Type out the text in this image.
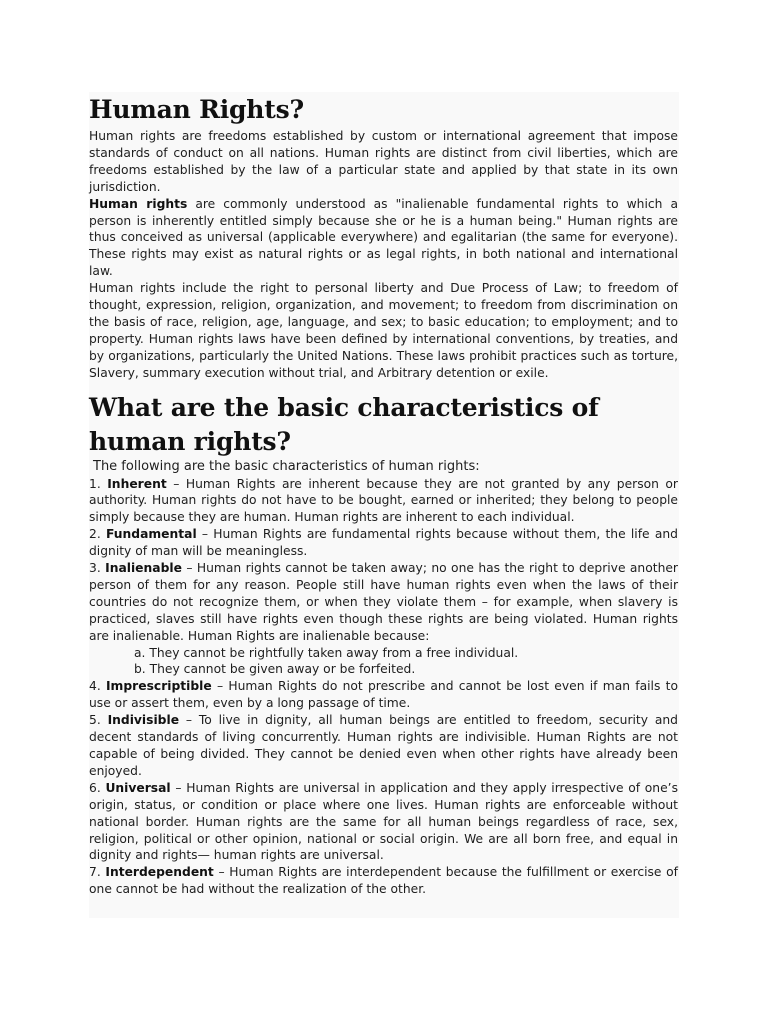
Human Rights?

Human rights are freedoms established by custom or international agreement that impose standards of conduct on all nations. Human rights are distinct from civil liberties, which are freedoms established by the law of a particular state and applied by that state in its own jurisdiction.

Human rights are commonly understood as "inalienable fundamental rights to which a person is inherently entitled simply because she or he is a human being." Human rights are thus conceived as universal (applicable everywhere) and egalitarian (the same for everyone). These rights may exist as natural rights or as legal rights, in both national and international law.

Human rights include the right to personal liberty and Due Process of Law; to freedom of thought, expression, religion, organization, and movement; to freedom from discrimination on the basis of race, religion, age, language, and sex; to basic education; to employment; and to property. Human rights laws have been defined by international conventions, by treaties, and by organizations, particularly the United Nations. These laws prohibit practices such as torture, Slavery, summary execution without trial, and Arbitrary detention or exile.

What are the basic characteristics of human rights?

The following are the basic characteristics of human rights:

1. Inherent – Human Rights are inherent because they are not granted by any person or authority. Human rights do not have to be bought, earned or inherited; they belong to people simply because they are human. Human rights are inherent to each individual.

2. Fundamental – Human Rights are fundamental rights because without them, the life and dignity of man will be meaningless.

3. Inalienable – Human rights cannot be taken away; no one has the right to deprive another person of them for any reason. People still have human rights even when the laws of their countries do not recognize them, or when they violate them – for example, when slavery is practiced, slaves still have rights even though these rights are being violated. Human rights are inalienable. Human Rights are inalienable because:

a. They cannot be rightfully taken away from a free individual.

b. They cannot be given away or be forfeited.

4. Imprescriptible – Human Rights do not prescribe and cannot be lost even if man fails to use or assert them, even by a long passage of time.

5. Indivisible – To live in dignity, all human beings are entitled to freedom, security and decent standards of living concurrently. Human rights are indivisible. Human Rights are not capable of being divided. They cannot be denied even when other rights have already been enjoyed.

6. Universal – Human Rights are universal in application and they apply irrespective of one’s origin, status, or condition or place where one lives. Human rights are enforceable without national border. Human rights are the same for all human beings regardless of race, sex, religion, political or other opinion, national or social origin. We are all born free, and equal in dignity and rights— human rights are universal.

7. Interdependent – Human Rights are interdependent because the fulfillment or exercise of one cannot be had without the realization of the other.
